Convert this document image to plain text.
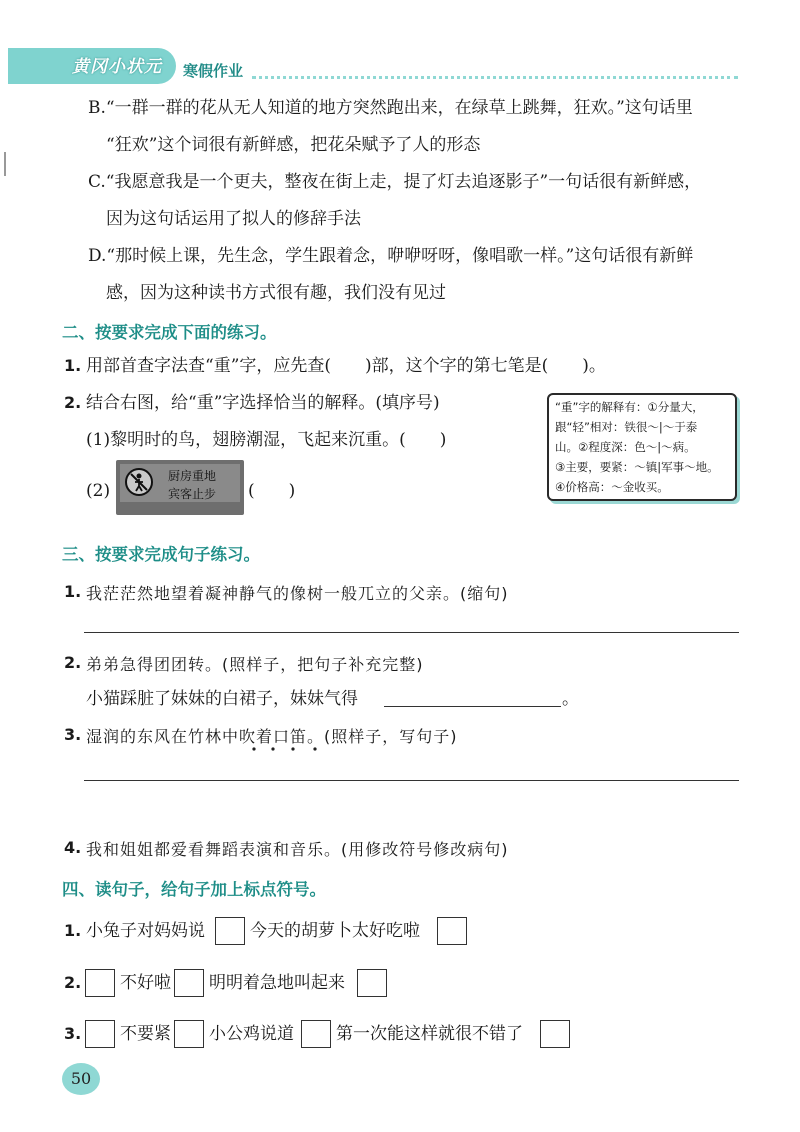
黄冈小状元 寒假作业
B.“一群一群的花从无人知道的地方突然跑出来，在绿草上跳舞，狂欢。”这句话里
“狂欢”这个词很有新鲜感，把花朵赋予了人的形态
C.“我愿意我是一个更夫，整夜在街上走，提了灯去追逐影子”一句话很有新鲜感，
因为这句话运用了拟人的修辞手法
D.“那时候上课，先生念，学生跟着念，咿咿呀呀，像唱歌一样。”这句话很有新鲜
感，因为这种读书方式很有趣，我们没有见过
二、按要求完成下面的练习。
1. 用部首查字法查“重”字，应先查(　　)部，这个字的第七笔是(　　)。
2. 结合右图，给“重”字选择恰当的解释。(填序号)
(1)黎明时的鸟，翅膀潮湿，飞起来沉重。(　　)
(2)
厨房重地
宾客止步 (　　)
“重”字的解释有：①分量大，
跟“轻”相对：铁很～|～于泰
山。②程度深：色～|～病。
③主要，要紧：～镇|军事～地。
④价格高：～金收买。
三、按要求完成句子练习。
1. 我茫茫然地望着凝神静气的像树一般兀立的父亲。(缩句)
2. 弟弟急得团团转。(照样子，把句子补充完整)
小猫踩脏了妹妹的白裙子，妹妹气得	。
3. 湿润的东风在竹林中吹着口笛。(照样子，写句子)
4. 我和姐姐都爱看舞蹈表演和音乐。(用修改符号修改病句)
四、读句子，给句子加上标点符号。
1. 小兔子对妈妈说	今天的胡萝卜太好吃啦
2. 不好啦 明明着急地叫起来
3. 不要紧 小公鸡说道 第一次能这样就很不错了
50
